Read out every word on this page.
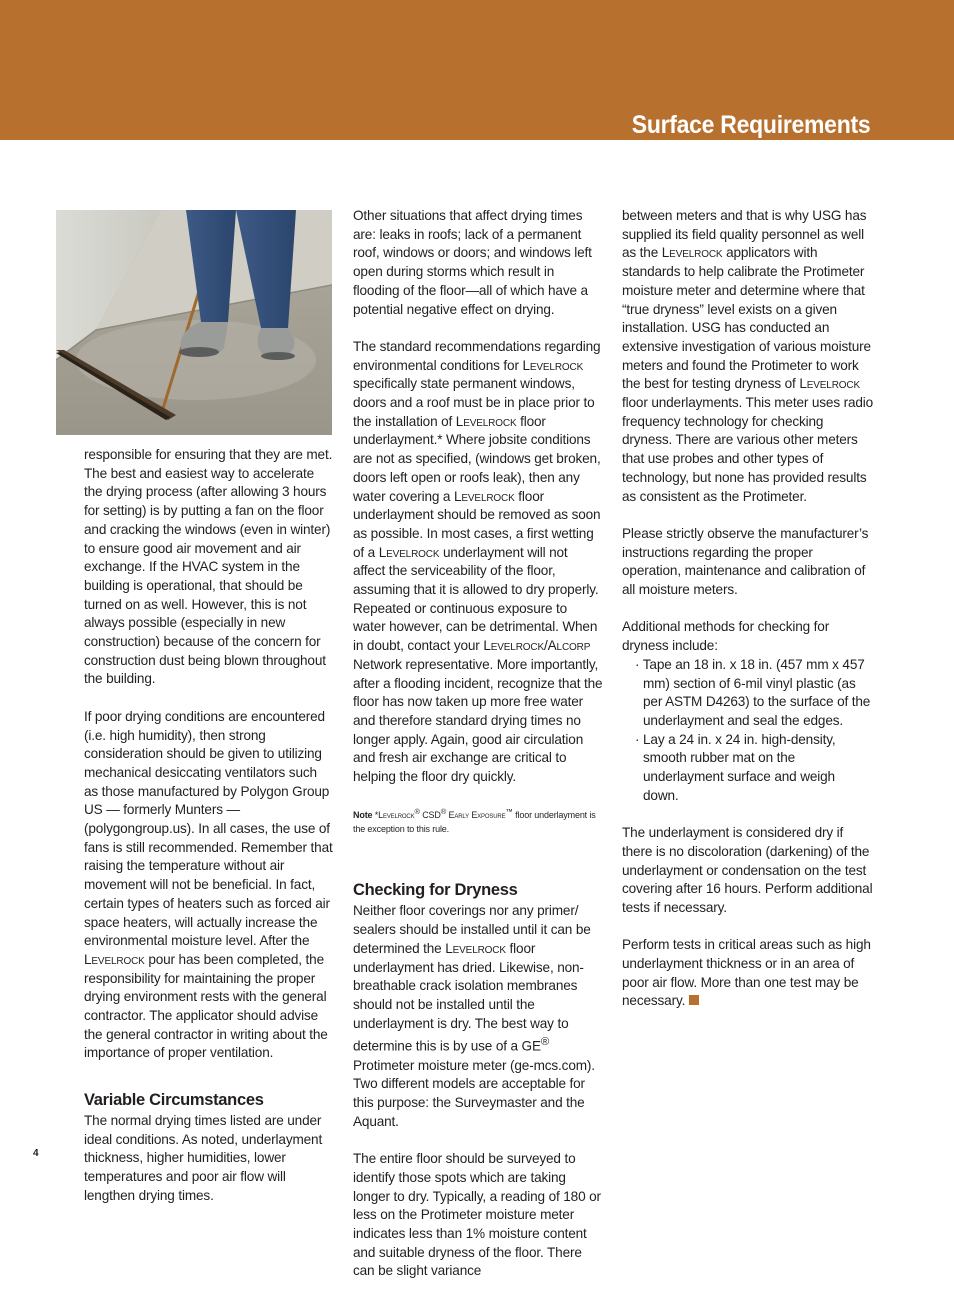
Surface Requirements

responsible for ensuring that they are met. The best and easiest way to accelerate the drying process (after allowing 3 hours for setting) is by putting a fan on the floor and cracking the windows (even in winter) to ensure good air movement and air exchange. If the HVAC system in the building is operational, that should be turned on as well. However, this is not always possible (especially in new construction) because of the concern for construction dust being blown throughout the building.

If poor drying conditions are encountered (i.e. high humidity), then strong consideration should be given to utilizing mechanical desiccating ventilators such as those manufactured by Polygon Group US — formerly Munters — (polygongroup.us). In all cases, the use of fans is still recommended. Remember that raising the temperature without air movement will not be beneficial. In fact, certain types of heaters such as forced air space heaters, will actually increase the environmental moisture level. After the Levelrock pour has been completed, the responsibility for maintaining the proper drying environment rests with the general contractor. The applicator should advise the general contractor in writing about the importance of proper ventilation.

Variable Circumstances

The normal drying times listed are under ideal conditions. As noted, underlayment thickness, higher humidities, lower temperatures and poor air flow will lengthen drying times.

Other situations that affect drying times are: leaks in roofs; lack of a permanent roof, windows or doors; and windows left open during storms which result in flooding of the floor—all of which have a potential negative effect on drying.

The standard recommendations regarding environmental conditions for Levelrock specifically state permanent windows, doors and a roof must be in place prior to the installation of Levelrock floor underlayment.* Where jobsite conditions are not as specified, (windows get broken, doors left open or roofs leak), then any water covering a Levelrock floor underlayment should be removed as soon as possible. In most cases, a first wetting of a Levelrock underlayment will not affect the serviceability of the floor, assuming that it is allowed to dry properly. Repeated or continuous exposure to water however, can be detrimental. When in doubt, contact your Levelrock/Alcorp Network representative. More importantly, after a flooding incident, recognize that the floor has now taken up more free water and therefore standard drying times no longer apply. Again, good air circulation and fresh air exchange are critical to helping the floor dry quickly.

Note *Levelrock® CSD® Early Exposure™ floor underlayment is the exception to this rule.

Checking for Dryness

Neither floor coverings nor any primer/ sealers should be installed until it can be determined the Levelrock floor underlayment has dried. Likewise, non-breathable crack isolation membranes should not be installed until the underlayment is dry. The best way to determine this is by use of a GE® Protimeter moisture meter (ge-mcs.com). Two different models are acceptable for this purpose: the Surveymaster and the Aquant.

The entire floor should be surveyed to identify those spots which are taking longer to dry. Typically, a reading of 180 or less on the Protimeter moisture meter indicates less than 1% moisture content and suitable dryness of the floor. There can be slight variance

between meters and that is why USG has supplied its field quality personnel as well as the Levelrock applicators with standards to help calibrate the Protimeter moisture meter and determine where that “true dryness” level exists on a given installation. USG has conducted an extensive investigation of various moisture meters and found the Protimeter to work the best for testing dryness of Levelrock floor underlayments. This meter uses radio frequency technology for checking dryness. There are various other meters that use probes and other types of technology, but none has provided results as consistent as the Protimeter.

Please strictly observe the manufacturer’s instructions regarding the proper operation, maintenance and calibration of all moisture meters.

Additional methods for checking for dryness include:

· Tape an 18 in. x 18 in. (457 mm x 457 mm) section of 6-mil vinyl plastic (as per ASTM D4263) to the surface of the underlayment and seal the edges.

· Lay a 24 in. x 24 in. high-density, smooth rubber mat on the underlayment surface and weigh down.

The underlayment is considered dry if there is no discoloration (darkening) of the underlayment or condensation on the test covering after 16 hours. Perform additional tests if necessary.

Perform tests in critical areas such as high underlayment thickness or in an area of poor air flow. More than one test may be necessary.

4
